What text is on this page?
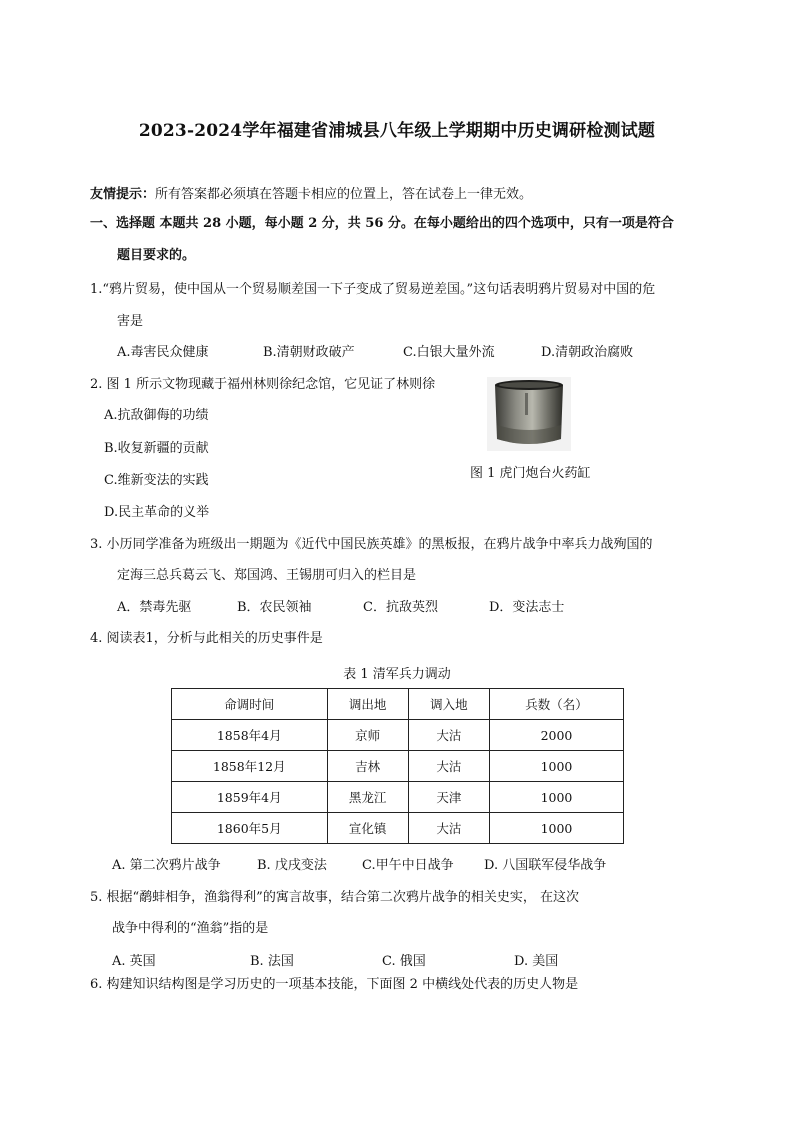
2023-2024学年福建省浦城县八年级上学期期中历史调研检测试题
友情提示：所有答案都必须填在答题卡相应的位置上，答在试卷上一律无效。
一、选择题 本题共 28 小题，每小题 2 分，共 56 分。在每小题给出的四个选项中，只有一项是符合
题目要求的。
1.“鸦片贸易，使中国从一个贸易顺差国一下子变成了贸易逆差国。”这句话表明鸦片贸易对中国的危
害是
A.毒害民众健康	B.清朝财政破产	C.白银大量外流	D.清朝政治腐败
2. 图 1 所示文物现藏于福州林则徐纪念馆，它见证了林则徐
A.抗敌御侮的功绩
B.收复新疆的贡献
C.维新变法的实践
D.民主革命的义举
图 1 虎门炮台火药缸
3. 小历同学准备为班级出一期题为《近代中国民族英雄》的黑板报，在鸦片战争中率兵力战殉国的
定海三总兵葛云飞、郑国鸿、王锡朋可归入的栏目是
A．禁毒先驱	B．农民领袖	C．抗敌英烈	D．变法志士
4. 阅读表1，分析与此相关的历史事件是
表 1 清军兵力调动
命调时间	调出地	调入地	兵数（名）
1858年4月	京师	大沽	2000
1858年12月	吉林	大沽	1000
1859年4月	黑龙江	天津	1000
1860年5月	宣化镇	大沽	1000
A. 第二次鸦片战争	B. 戊戌变法	C.甲午中日战争 D. 八国联军侵华战争
5. 根据“鹬蚌相争，渔翁得利”的寓言故事，结合第二次鸦片战争的相关史实， 在这次
战争中得利的“渔翁”指的是
A. 英国	B. 法国	C. 俄国	D. 美国
6. 构建知识结构图是学习历史的一项基本技能，下面图 2 中横线处代表的历史人物是
